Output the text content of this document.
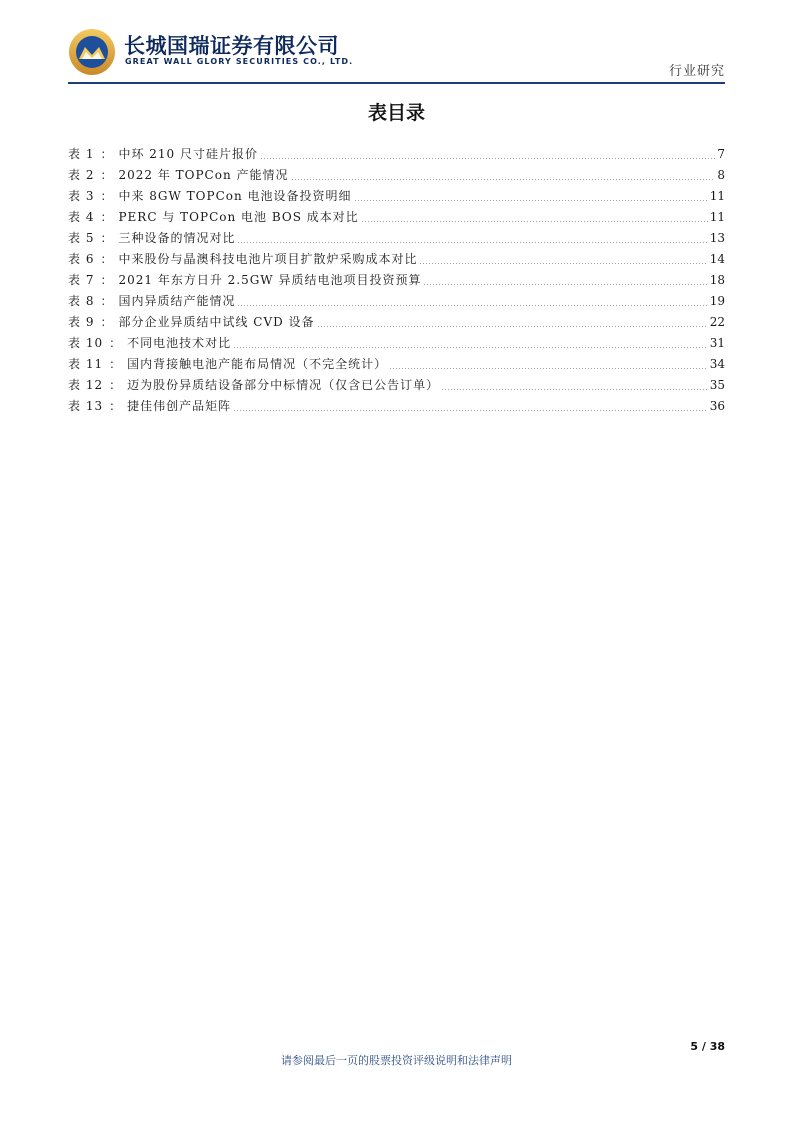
长城国瑞证券有限公司
GREAT WALL GLORY SECURITIES CO., LTD.
行业研究
表目录
表 1 ： 中环 210 尺寸硅片报价	7
表 2 ： 2022 年 TOPCon 产能情况	8
表 3 ： 中来 8GW TOPCon 电池设备投资明细	11
表 4 ： PERC 与 TOPCon 电池 BOS 成本对比	11
表 5 ： 三种设备的情况对比	13
表 6 ： 中来股份与晶澳科技电池片项目扩散炉采购成本对比	14
表 7 ： 2021 年东方日升 2.5GW 异质结电池项目投资预算	18
表 8 ： 国内异质结产能情况	19
表 9 ： 部分企业异质结中试线 CVD 设备	22
表 10 ： 不同电池技术对比	31
表 11 ： 国内背接触电池产能布局情况（不完全统计）	34
表 12 ： 迈为股份异质结设备部分中标情况（仅含已公告订单）	35
表 13 ： 捷佳伟创产品矩阵	36
5 / 38
请参阅最后一页的股票投资评级说明和法律声明
